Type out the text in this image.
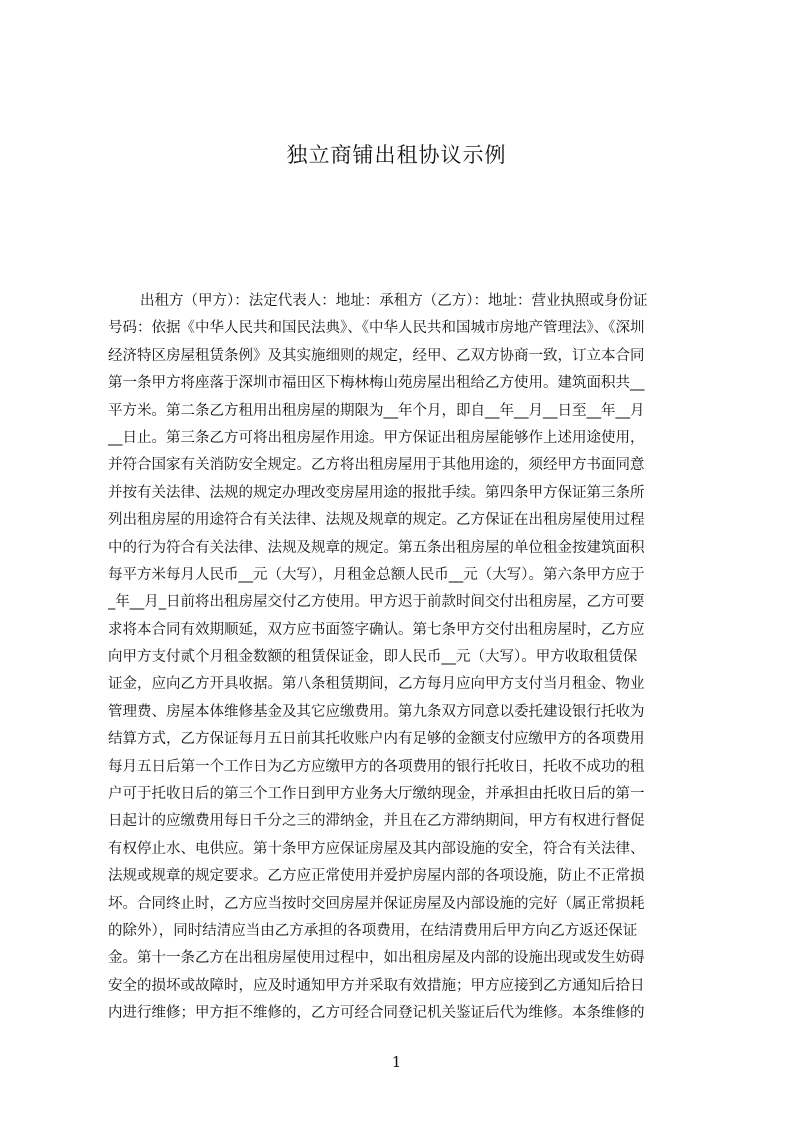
独立商铺出租协议示例
出租方（甲方）：法定代表人：地址：承租方（乙方）：地址：营业执照或身份证
号码：依据《中华人民共和国民法典》、《中华人民共和国城市房地产管理法》、《深圳
经济特区房屋租赁条例》及其实施细则的规定，经甲、乙双方协商一致，订立本合同
第一条甲方将座落于深圳市福田区下梅林梅山苑房屋出租给乙方使用。建筑面积共__
平方米。第二条乙方租用出租房屋的期限为__年个月，即自__年__月__日至__年__月
__日止。第三条乙方可将出租房屋作用途。甲方保证出租房屋能够作上述用途使用，
并符合国家有关消防安全规定。乙方将出租房屋用于其他用途的，须经甲方书面同意
并按有关法律、法规的规定办理改变房屋用途的报批手续。第四条甲方保证第三条所
列出租房屋的用途符合有关法律、法规及规章的规定。乙方保证在出租房屋使用过程
中的行为符合有关法律、法规及规章的规定。第五条出租房屋的单位租金按建筑面积
每平方米每月人民币__元（大写），月租金总额人民币__元（大写）。第六条甲方应于
_年__月_日前将出租房屋交付乙方使用。甲方迟于前款时间交付出租房屋，乙方可要
求将本合同有效期顺延，双方应书面签字确认。第七条甲方交付出租房屋时，乙方应
向甲方支付贰个月租金数额的租赁保证金，即人民币__元（大写）。甲方收取租赁保
证金，应向乙方开具收据。第八条租赁期间，乙方每月应向甲方支付当月租金、物业
管理费、房屋本体维修基金及其它应缴费用。第九条双方同意以委托建设银行托收为
结算方式，乙方保证每月五日前其托收账户内有足够的金额支付应缴甲方的各项费用
每月五日后第一个工作日为乙方应缴甲方的各项费用的银行托收日，托收不成功的租
户可于托收日后的第三个工作日到甲方业务大厅缴纳现金，并承担由托收日后的第一
日起计的应缴费用每日千分之三的滞纳金，并且在乙方滞纳期间，甲方有权进行督促
有权停止水、电供应。第十条甲方应保证房屋及其内部设施的安全，符合有关法律、
法规或规章的规定要求。乙方应正常使用并爱护房屋内部的各项设施，防止不正常损
坏。合同终止时，乙方应当按时交回房屋并保证房屋及内部设施的完好（属正常损耗
的除外），同时结清应当由乙方承担的各项费用，在结清费用后甲方向乙方返还保证
金。第十一条乙方在出租房屋使用过程中，如出租房屋及内部的设施出现或发生妨碍
安全的损坏或故障时，应及时通知甲方并采取有效措施；甲方应接到乙方通知后拾日
内进行维修；甲方拒不维修的，乙方可经合同登记机关鉴证后代为维修。本条维修的
1
